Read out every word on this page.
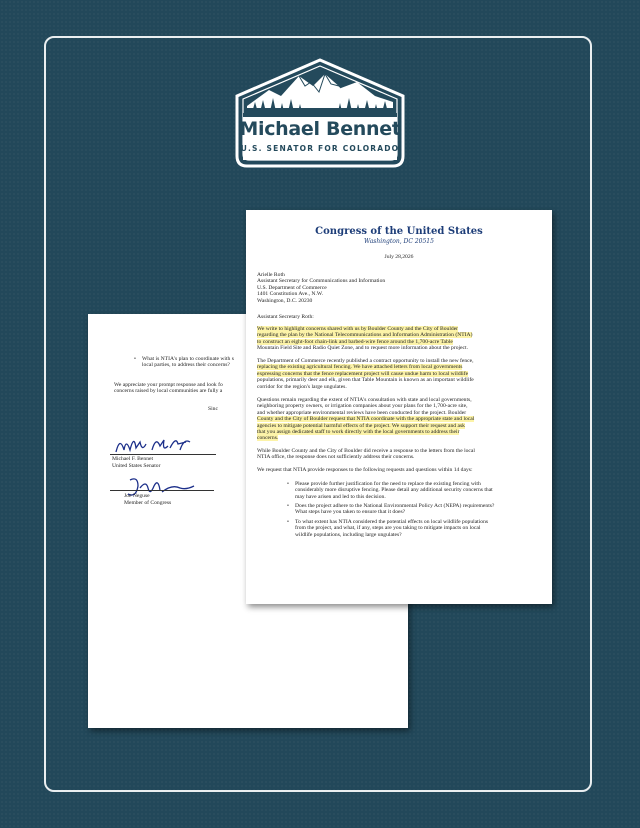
Michael Bennet
U.S. SENATOR FOR COLORADO
• What is NTIA's plan to coordinate with s
local parties, to address their concerns?
We appreciate your prompt response and look fo
concerns raised by local communities are fully a
Sinc
Michael F. Bennet
United States Senator
Joe Neguse
Member of Congress
Congress of the United States
Washington, DC 20515
July 28,2026
Arielle Roth
Assistant Secretary for Communications and Information
U.S. Department of Commerce
1401 Constitution Ave., N.W.
Washington, D.C. 20230
Assistant Secretary Roth:
We write to highlight concerns shared with us by Boulder County and the City of Boulder
regarding the plan by the National Telecommunications and Information Administration (NTIA)
to construct an eight-foot chain-link and barbed-wire fence around the 1,700-acre Table
Mountain Field Site and Radio Quiet Zone, and to request more information about the project.
The Department of Commerce recently published a contract opportunity to install the new fence,
replacing the existing agricultural fencing. We have attached letters from local governments
expressing concerns that the fence replacement project will cause undue harm to local wildlife
populations, primarily deer and elk, given that Table Mountain is known as an important wildlife
corridor for the region's large ungulates.
Questions remain regarding the extent of NTIA's consultation with state and local governments,
neighboring property owners, or irrigation companies about your plans for the 1,700-acre site,
and whether appropriate environmental reviews have been conducted for the project. Boulder
County and the City of Boulder request that NTIA coordinate with the appropriate state and local
agencies to mitigate potential harmful effects of the project. We support their request and ask
that you assign dedicated staff to work directly with the local governments to address their
concerns.
While Boulder County and the City of Boulder did receive a response to the letters from the local
NTIA office, the response does not sufficiently address their concerns.
We request that NTIA provide responses to the following requests and questions within 14 days:
• Please provide further justification for the need to replace the existing fencing with
considerably more disruptive fencing. Please detail any additional security concerns that
may have arisen and led to this decision.
• Does the project adhere to the National Environmental Policy Act (NEPA) requirements?
What steps have you taken to ensure that it does?
• To what extent has NTIA considered the potential effects on local wildlife populations
from the project, and what, if any, steps are you taking to mitigate impacts on local
wildlife populations, including large ungulates?
